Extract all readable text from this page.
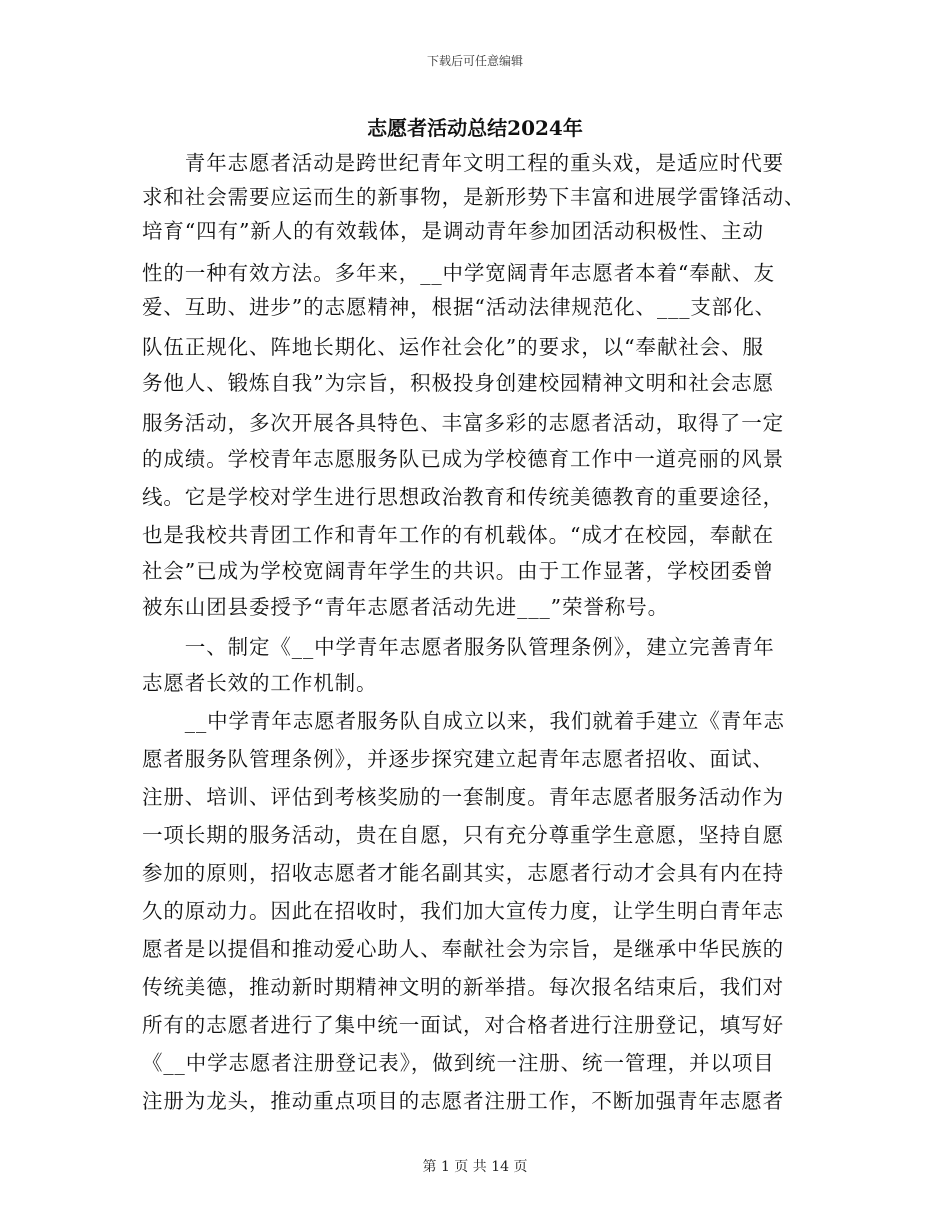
下载后可任意编辑
志愿者活动总结2024年
　　青年志愿者活动是跨世纪青年文明工程的重头戏，是适应时代要
求和社会需要应运而生的新事物，是新形势下丰富和进展学雷锋活动、
培育“四有”新人的有效载体，是调动青年参加团活动积极性、主动
性的一种有效方法。多年来，__中学宽阔青年志愿者本着“奉献、友
爱、互助、进步”的志愿精神，根据“活动法律规范化、___支部化、
队伍正规化、阵地长期化、运作社会化”的要求，以“奉献社会、服
务他人、锻炼自我”为宗旨，积极投身创建校园精神文明和社会志愿
服务活动，多次开展各具特色、丰富多彩的志愿者活动，取得了一定
的成绩。学校青年志愿服务队已成为学校德育工作中一道亮丽的风景
线。它是学校对学生进行思想政治教育和传统美德教育的重要途径，
也是我校共青团工作和青年工作的有机载体。“成才在校园，奉献在
社会”已成为学校宽阔青年学生的共识。由于工作显著，学校团委曾
被东山团县委授予“青年志愿者活动先进___”荣誉称号。
　　一、制定《__中学青年志愿者服务队管理条例》，建立完善青年
志愿者长效的工作机制。
　　__中学青年志愿者服务队自成立以来，我们就着手建立《青年志
愿者服务队管理条例》，并逐步探究建立起青年志愿者招收、面试、
注册、培训、评估到考核奖励的一套制度。青年志愿者服务活动作为
一项长期的服务活动，贵在自愿，只有充分尊重学生意愿，坚持自愿
参加的原则，招收志愿者才能名副其实，志愿者行动才会具有内在持
久的原动力。因此在招收时，我们加大宣传力度，让学生明白青年志
愿者是以提倡和推动爱心助人、奉献社会为宗旨，是继承中华民族的
传统美德，推动新时期精神文明的新举措。每次报名结束后，我们对
所有的志愿者进行了集中统一面试，对合格者进行注册登记，填写好
《__中学志愿者注册登记表》，做到统一注册、统一管理，并以项目
注册为龙头，推动重点项目的志愿者注册工作，不断加强青年志愿者
第 1 页 共 14 页
